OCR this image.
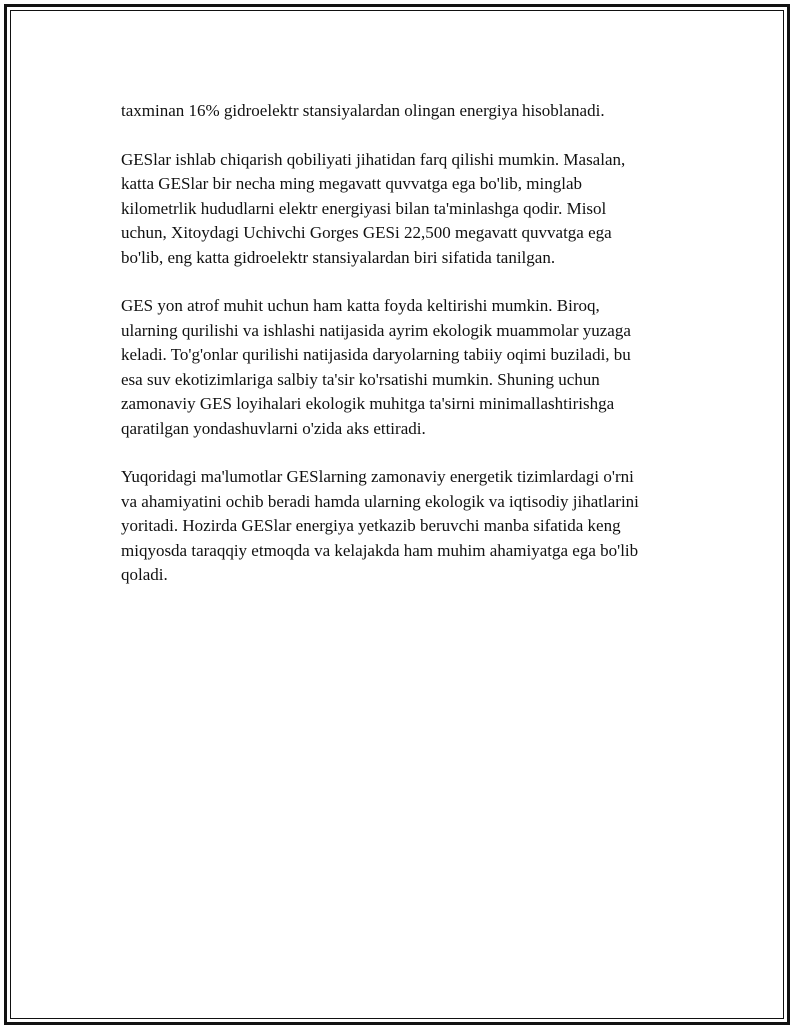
taxminan 16% gidroelektr stansiyalardan olingan energiya hisoblanadi.

GESlar ishlab chiqarish qobiliyati jihatidan farq qilishi mumkin. Masalan,
katta GESlar bir necha ming megavatt quvvatga ega bo'lib, minglab
kilometrlik hududlarni elektr energiyasi bilan ta'minlashga qodir. Misol
uchun, Xitoydagi Uchivchi Gorges GESi 22,500 megavatt quvvatga ega
bo'lib, eng katta gidroelektr stansiyalardan biri sifatida tanilgan.

GES yon atrof muhit uchun ham katta foyda keltirishi mumkin. Biroq,
ularning qurilishi va ishlashi natijasida ayrim ekologik muammolar yuzaga
keladi. To'g'onlar qurilishi natijasida daryolarning tabiiy oqimi buziladi, bu
esa suv ekotizimlariga salbiy ta'sir ko'rsatishi mumkin. Shuning uchun
zamonaviy GES loyihalari ekologik muhitga ta'sirni minimallashtirishga
qaratilgan yondashuvlarni o'zida aks ettiradi.

Yuqoridagi ma'lumotlar GESlarning zamonaviy energetik tizimlardagi o'rni
va ahamiyatini ochib beradi hamda ularning ekologik va iqtisodiy jihatlarini
yoritadi. Hozirda GESlar energiya yetkazib beruvchi manba sifatida keng
miqyosda taraqqiy etmoqda va kelajakda ham muhim ahamiyatga ega bo'lib
qoladi.
